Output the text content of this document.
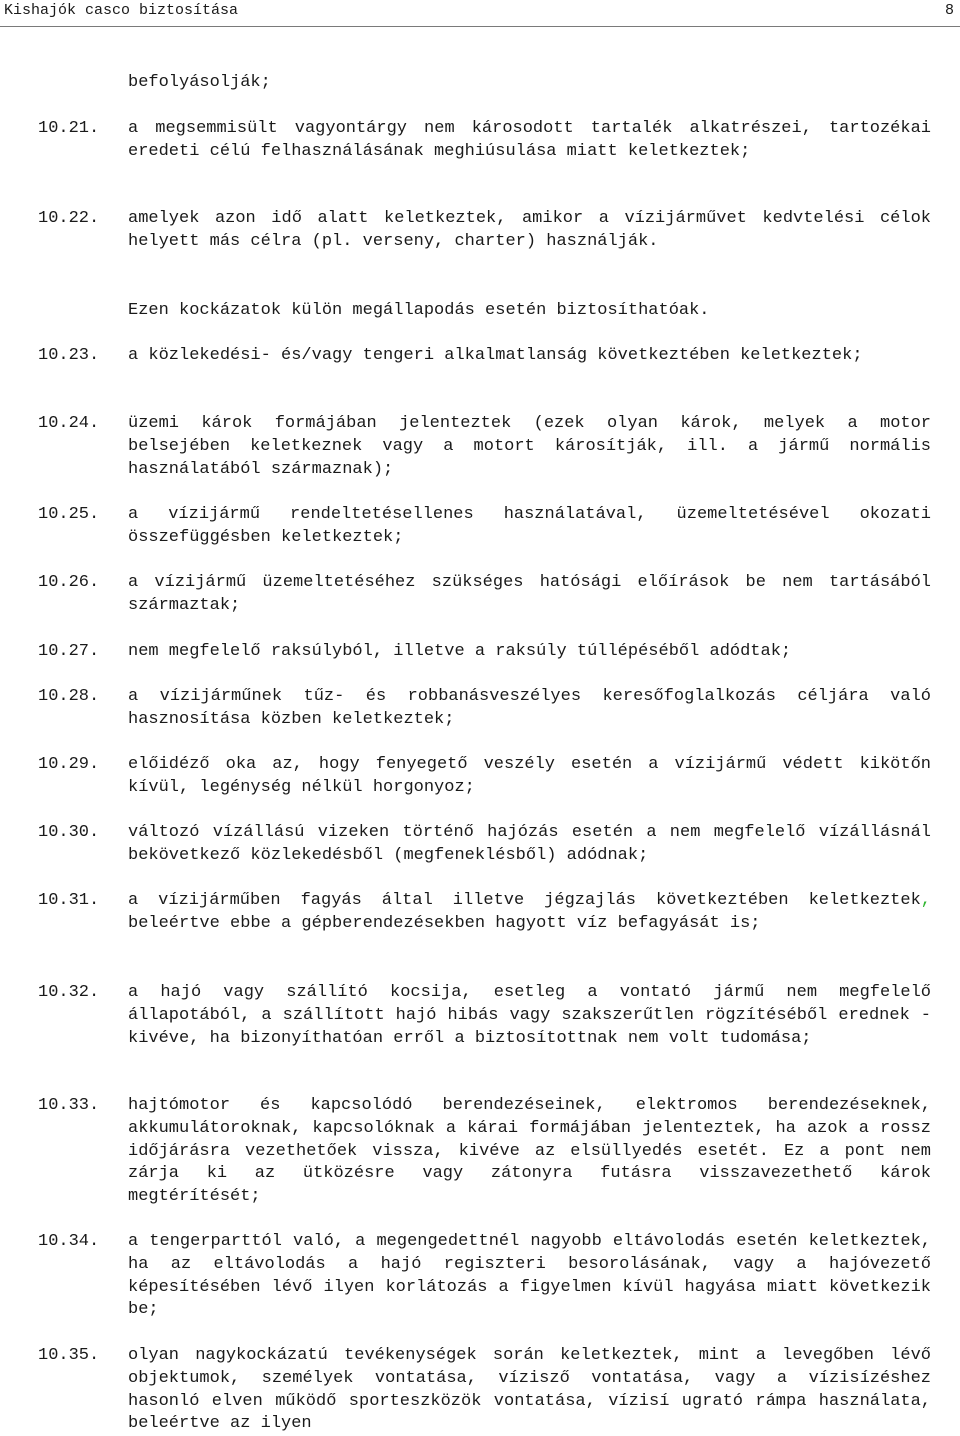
Kishajók casco biztosítása	8
befolyásolják;
10.21. a megsemmisült vagyontárgy nem károsodott tartalék alkatrészei, tartozékai eredeti célú felhasználásának meghiúsulása miatt keletkeztek;
10.22. amelyek azon idő alatt keletkeztek, amikor a vízijárművet kedvtelési célok helyett más célra (pl. verseny, charter) használják.
Ezen kockázatok külön megállapodás esetén biztosíthatóak.
10.23. a közlekedési- és/vagy tengeri alkalmatlanság következtében keletkeztek;
10.24. üzemi károk formájában jelenteztek (ezek olyan károk, melyek a motor belsejében keletkeznek vagy a motort károsítják, ill. a jármű normális használatából származnak);
10.25. a vízijármű rendeltetésellenes használatával, üzemeltetésével okozati összefüggésben keletkeztek;
10.26. a vízijármű üzemeltetéséhez szükséges hatósági előírások be nem tartásából származtak;
10.27. nem megfelelő raksúlyból, illetve a raksúly túllépéséből adódtak;
10.28. a vízijárműnek tűz- és robbanásveszélyes keresőfoglalkozás céljára való hasznosítása közben keletkeztek;
10.29. előidéző oka az, hogy fenyegető veszély esetén a vízijármű védett kikötőn kívül, legénység nélkül horgonyoz;
10.30. változó vízállású vizeken történő hajózás esetén a nem megfelelő vízállásnál bekövetkező közlekedésből (megfeneklésből) adódnak;
10.31. a vízijárműben fagyás által illetve jégzajlás következtében keletkeztek, beleértve ebbe a gépberendezésekben hagyott víz befagyását is;
10.32. a hajó vagy szállító kocsija, esetleg a vontató jármű nem megfelelő állapotából, a szállított hajó hibás vagy szakszerűtlen rögzítéséből erednek - kivéve, ha bizonyíthatóan erről a biztosítottnak nem volt tudomása;
10.33. hajtómotor és kapcsolódó berendezéseinek, elektromos berendezéseknek, akkumulátoroknak, kapcsolóknak a kárai formájában jelenteztek, ha azok a rossz időjárásra vezethetőek vissza, kivéve az elsüllyedés esetét. Ez a pont nem zárja ki az ütközésre vagy zátonyra futásra visszavezethető károk megtérítését;
10.34. a tengerparttól való, a megengedettnél nagyobb eltávolodás esetén keletkeztek, ha az eltávolodás a hajó regiszteri besorolásának, vagy a hajóvezető képesítésében lévő ilyen korlátozás a figyelmen kívül hagyása miatt következik be;
10.35. olyan nagykockázatú tevékenységek során keletkeztek, mint a levegőben lévő objektumok, személyek vontatása, vízisző vontatása, vagy a vízisízéshez hasonló elven működő sporteszközök vontatása, vízisí ugrató rámpa használata, beleértve az ilyen
